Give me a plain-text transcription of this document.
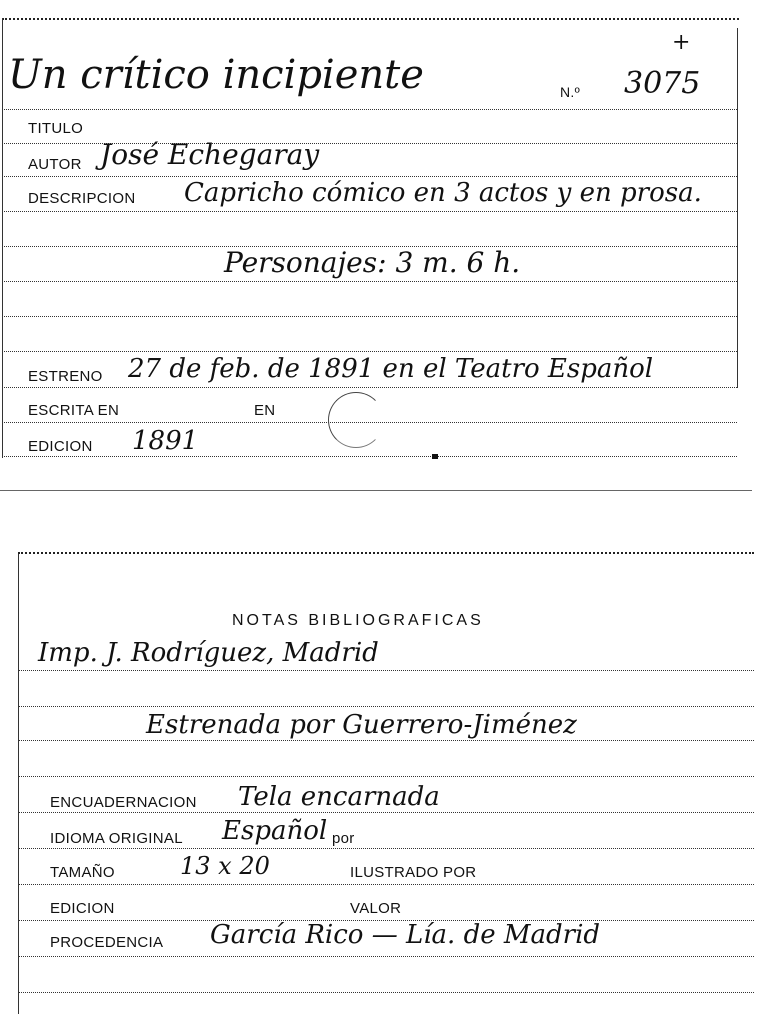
Un crítico incipiente	N.º 3075
+
TITULO
AUTOR José Echegaray
DESCRIPCION Capricho cómico en 3 actos y en prosa.
Personajes: 3 m. 6 h.
ESTRENO 27 de feb. de 1891 en el Teatro Español
ESCRITA EN	EN
EDICION 1891
NOTAS BIBLIOGRAFICAS
Imp. J. Rodríguez, Madrid
Estrenada por Guerrero-Jiménez
ENCUADERNACION Tela encarnada
IDIOMA ORIGINAL Español por
TAMAÑO	13 x 20	ILUSTRADO POR
EDICION	VALOR
PROCEDENCIA García Rico — Lía. de Madrid
